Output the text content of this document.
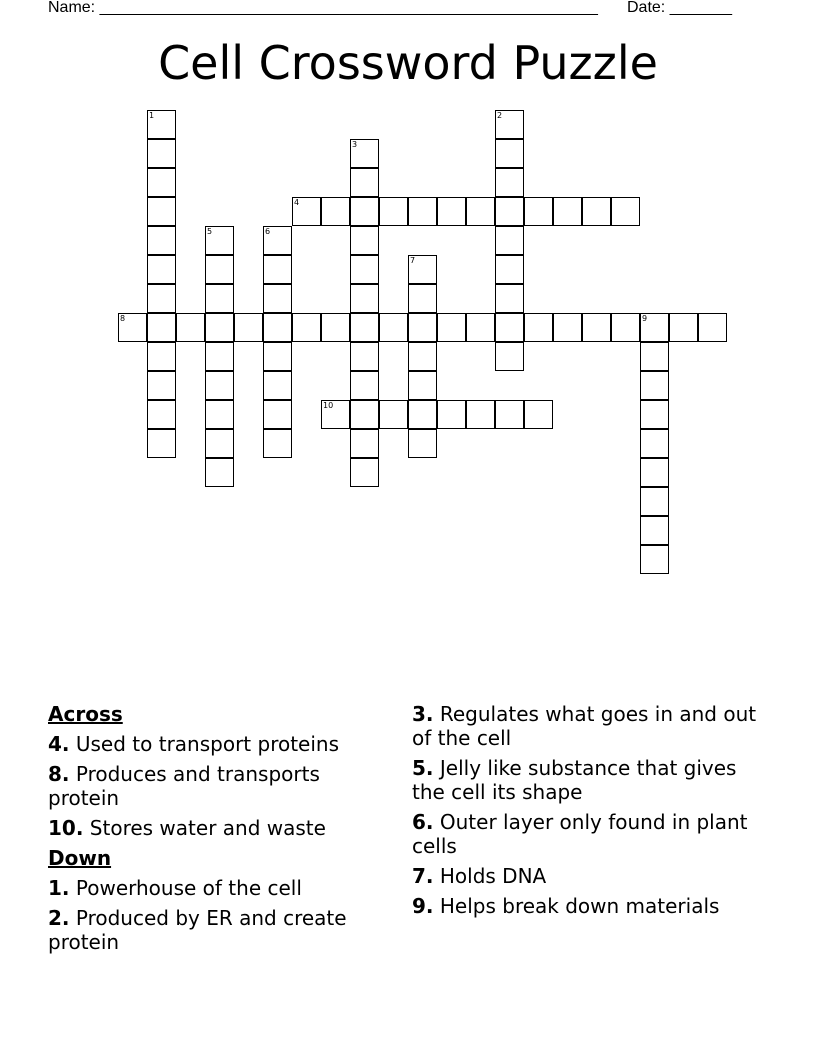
Name: ________________________________________________________ Date: _______
Cell Crossword Puzzle
1	2
3
4
5	6
7
8	9
10
Across
4. Used to transport proteins
8. Produces and transports protein
10. Stores water and waste
Down
1. Powerhouse of the cell
2. Produced by ER and create protein
3. Regulates what goes in and out of the cell
5. Jelly like substance that gives the cell its shape
6. Outer layer only found in plant cells
7. Holds DNA
9. Helps break down materials
